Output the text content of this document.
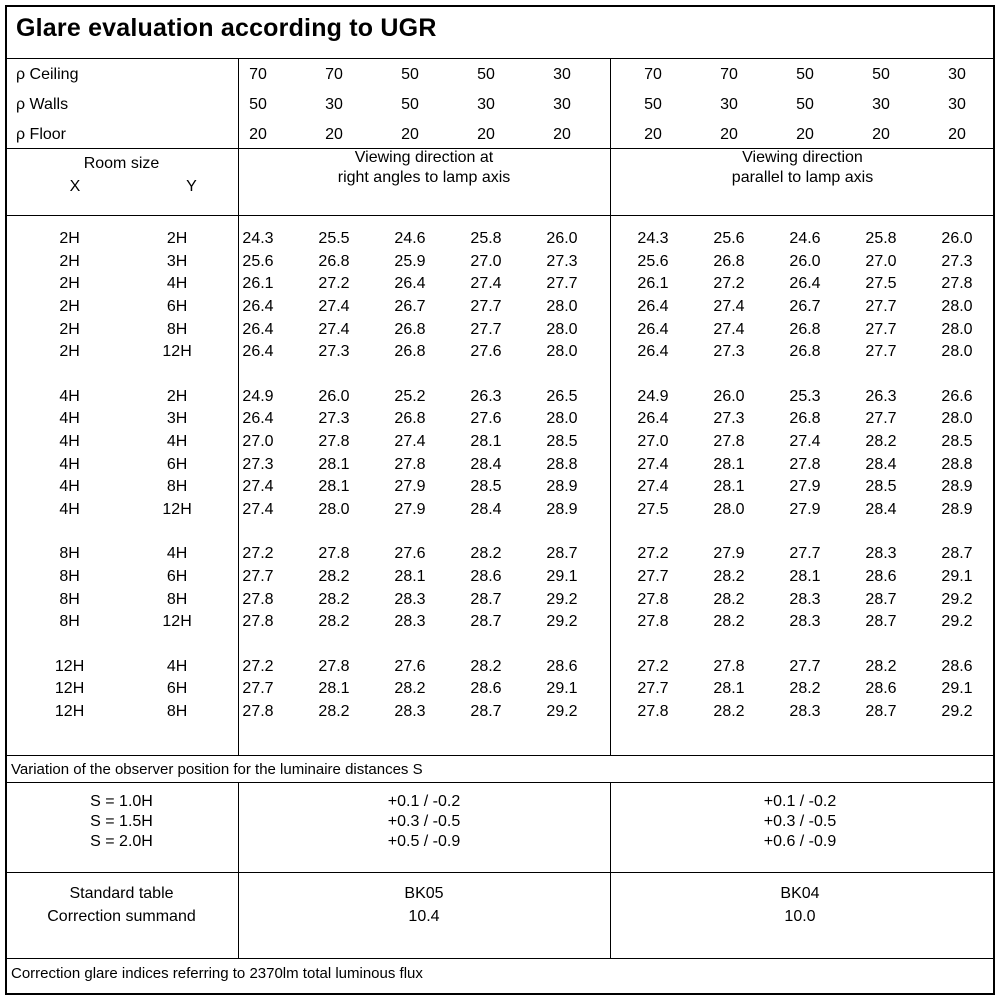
Glare evaluation according to UGR
ρ Ceiling	70	70	50	50	30	70	70	50	50	30
ρ Walls	50	30	50	30	30	50	30	50	30	30
ρ Floor	20	20	20	20	20	20	20	20	20	20
Room size
X	Y
Viewing direction at
right angles to lamp axis
Viewing direction
parallel to lamp axis
2H	2H	24.3	25.5	24.6	25.8	26.0	24.3	25.6	24.6	25.8	26.0
2H	3H	25.6	26.8	25.9	27.0	27.3	25.6	26.8	26.0	27.0	27.3
2H	4H	26.1	27.2	26.4	27.4	27.7	26.1	27.2	26.4	27.5	27.8
2H	6H	26.4	27.4	26.7	27.7	28.0	26.4	27.4	26.7	27.7	28.0
2H	8H	26.4	27.4	26.8	27.7	28.0	26.4	27.4	26.8	27.7	28.0
2H	12H	26.4	27.3	26.8	27.6	28.0	26.4	27.3	26.8	27.7	28.0
4H	2H	24.9	26.0	25.2	26.3	26.5	24.9	26.0	25.3	26.3	26.6
4H	3H	26.4	27.3	26.8	27.6	28.0	26.4	27.3	26.8	27.7	28.0
4H	4H	27.0	27.8	27.4	28.1	28.5	27.0	27.8	27.4	28.2	28.5
4H	6H	27.3	28.1	27.8	28.4	28.8	27.4	28.1	27.8	28.4	28.8
4H	8H	27.4	28.1	27.9	28.5	28.9	27.4	28.1	27.9	28.5	28.9
4H	12H	27.4	28.0	27.9	28.4	28.9	27.5	28.0	27.9	28.4	28.9
8H	4H	27.2	27.8	27.6	28.2	28.7	27.2	27.9	27.7	28.3	28.7
8H	6H	27.7	28.2	28.1	28.6	29.1	27.7	28.2	28.1	28.6	29.1
8H	8H	27.8	28.2	28.3	28.7	29.2	27.8	28.2	28.3	28.7	29.2
8H	12H	27.8	28.2	28.3	28.7	29.2	27.8	28.2	28.3	28.7	29.2
12H	4H	27.2	27.8	27.6	28.2	28.6	27.2	27.8	27.7	28.2	28.6
12H	6H	27.7	28.1	28.2	28.6	29.1	27.7	28.1	28.2	28.6	29.1
12H	8H	27.8	28.2	28.3	28.7	29.2	27.8	28.2	28.3	28.7	29.2
Variation of the observer position for the luminaire distances S
S = 1.0H	+0.1 / -0.2	+0.1 / -0.2
S = 1.5H	+0.3 / -0.5	+0.3 / -0.5
S = 2.0H	+0.5 / -0.9	+0.6 / -0.9
Standard table	BK05	BK04
Correction summand	10.4	10.0
Correction glare indices referring to 2370lm total luminous flux
